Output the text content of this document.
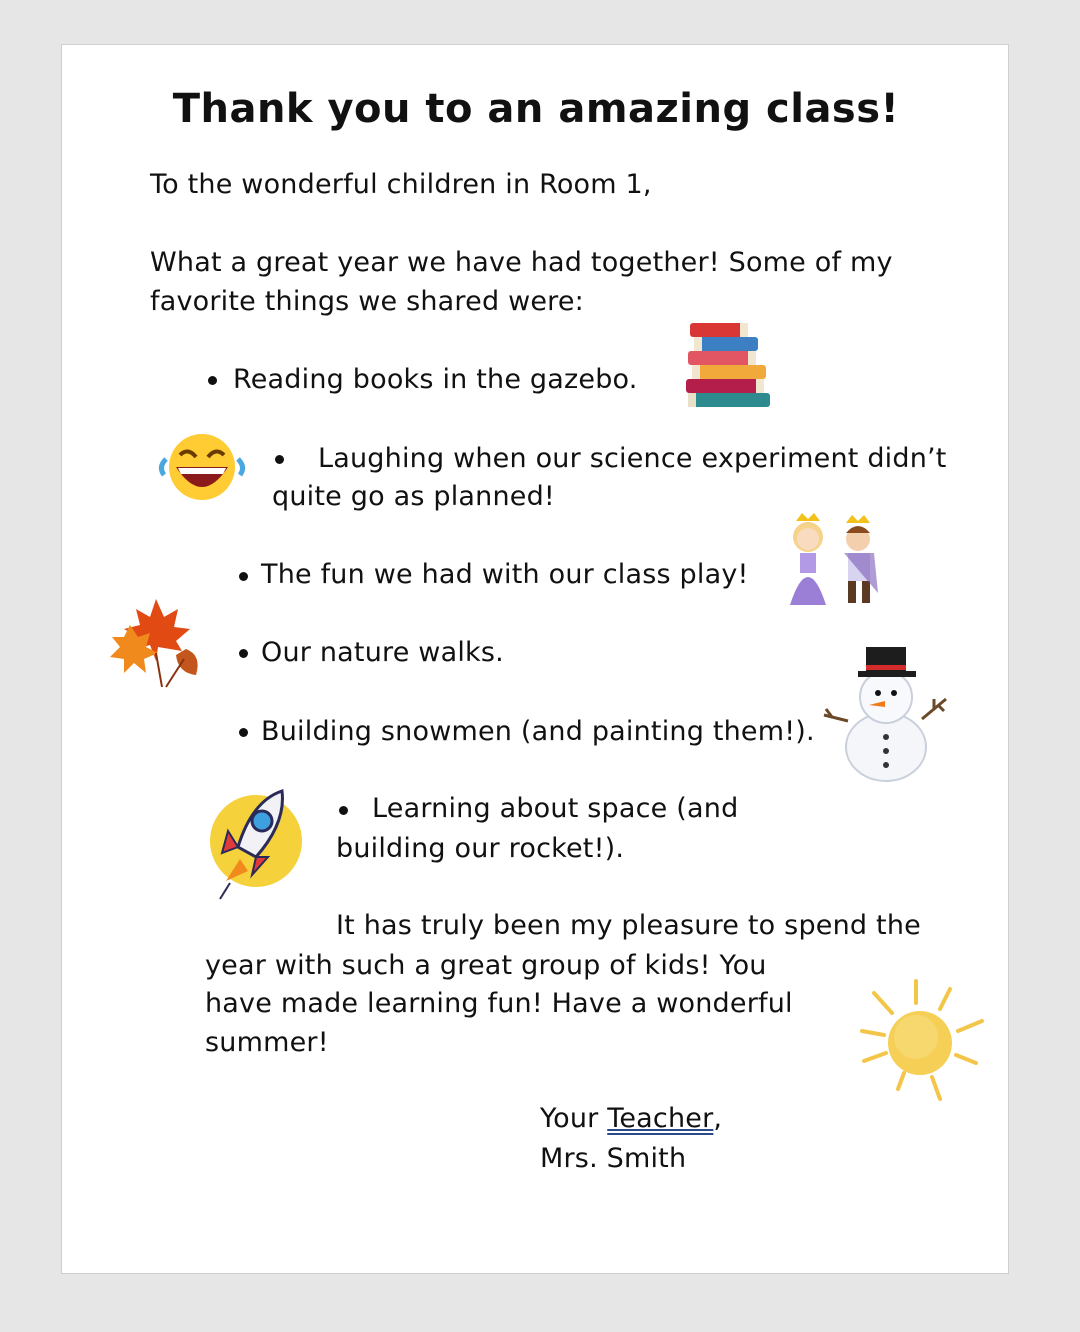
Thank you to an amazing class!
To the wonderful children in Room 1,
What a great year we have had together! Some of my
favorite things we shared were:
Reading books in the gazebo.
Laughing when our science experiment didn’t
quite go as planned!
The fun we had with our class play!
Our nature walks.
Building snowmen (and painting them!).
Learning about space (and
building our rocket!).
It has truly been my pleasure to spend the
year with such a great group of kids! You
have made learning fun! Have a wonderful
summer!
Your Teacher,
Mrs. Smith
